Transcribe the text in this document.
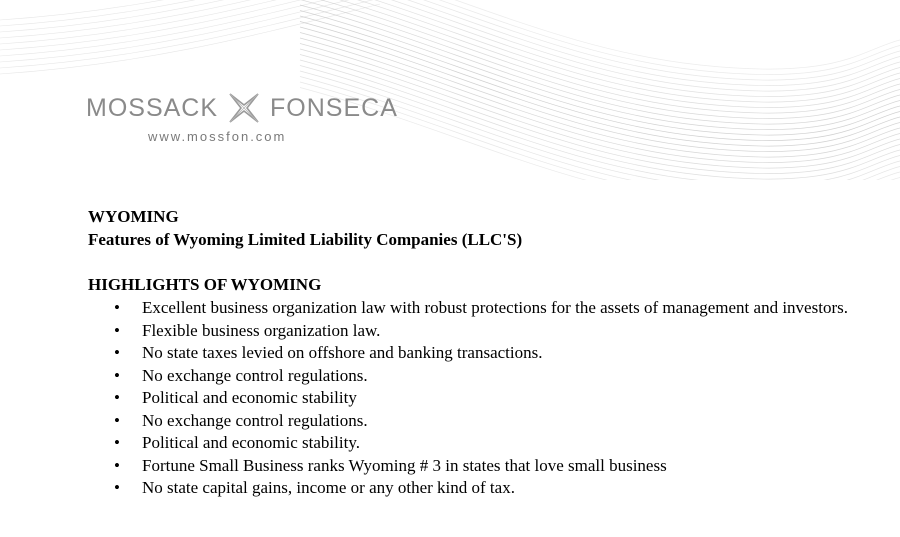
MOSSACK FONSECA
www.mossfon.com
WYOMING
Features of Wyoming Limited Liability Companies (LLC'S)
HIGHLIGHTS OF WYOMING
• Excellent business organization law with robust protections for the assets of management and investors.
• Flexible business organization law.
• No state taxes levied on offshore and banking transactions.
• No exchange control regulations.
• Political and economic stability
• No exchange control regulations.
• Political and economic stability.
• Fortune Small Business ranks Wyoming # 3 in states that love small business
• No state capital gains, income or any other kind of tax.
